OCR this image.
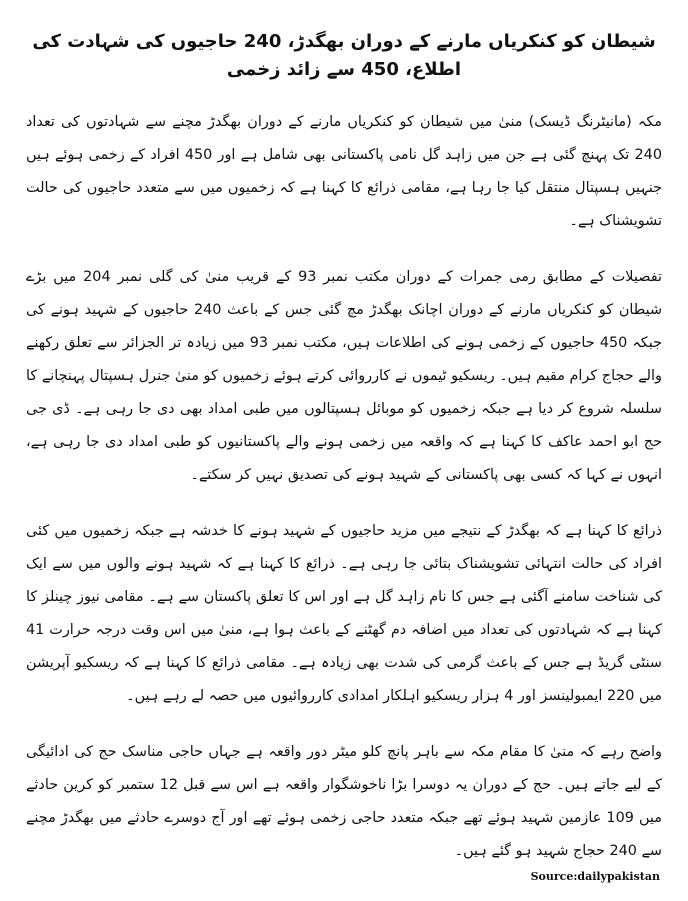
شیطان کو کنکریاں مارنے کے دوران بھگدڑ، 240 حاجیوں کی شہادت کی اطلاع، 450 سے زائد زخمی

مکہ (مانیٹرنگ ڈیسک) منیٰ میں شیطان کو کنکریاں مارنے کے دوران بھگدڑ مچنے سے شہادتوں کی تعداد 240 تک پہنچ گئی ہے جن میں زاہد گل نامی پاکستانی بھی شامل ہے اور 450 افراد کے زخمی ہوئے ہیں جنہیں ہسپتال منتقل کیا جا رہا ہے، مقامی ذرائع کا کہنا ہے کہ زخمیوں میں سے متعدد حاجیوں کی حالت تشویشناک ہے۔

تفصیلات کے مطابق رمی جمرات کے دوران مکتب نمبر 93 کے قریب منیٰ کی گلی نمبر 204 میں بڑے شیطان کو کنکریاں مارنے کے دوران اچانک بھگدڑ مچ گئی جس کے باعث 240 حاجیوں کے شہید ہونے کی جبکہ 450 حاجیوں کے زخمی ہونے کی اطلاعات ہیں، مکتب نمبر 93 میں زیادہ تر الجزائر سے تعلق رکھنے والے حجاج کرام مقیم ہیں۔ ریسکیو ٹیموں نے کارروائی کرتے ہوئے زخمیوں کو منیٰ جنرل ہسپتال پہنچانے کا سلسلہ شروع کر دیا ہے جبکہ زخمیوں کو موبائل ہسپتالوں میں طبی امداد بھی دی جا رہی ہے۔ ڈی جی حج ابو احمد عاکف کا کہنا ہے کہ واقعہ میں زخمی ہونے والے پاکستانیوں کو طبی امداد دی جا رہی ہے، انہوں نے کہا کہ کسی بھی پاکستانی کے شہید ہونے کی تصدیق نہیں کر سکتے۔

ذرائع کا کہنا ہے کہ بھگدڑ کے نتیجے میں مزید حاجیوں کے شہید ہونے کا خدشہ ہے جبکہ زخمیوں میں کئی افراد کی حالت انتہائی تشویشناک بتائی جا رہی ہے۔ ذرائع کا کہنا ہے کہ شہید ہونے والوں میں سے ایک کی شناخت سامنے آگئی ہے جس کا نام زاہد گل ہے اور اس کا تعلق پاکستان سے ہے۔ مقامی نیوز چینلز کا کہنا ہے کہ شہادتوں کی تعداد میں اضافہ دم گھٹنے کے باعث ہوا ہے، منیٰ میں اس وقت درجہ حرارت 41 سنٹی گریڈ ہے جس کے باعث گرمی کی شدت بھی زیادہ ہے۔ مقامی ذرائع کا کہنا ہے کہ ریسکیو آپریشن میں 220 ایمبولینسز اور 4 ہزار ریسکیو اہلکار امدادی کارروائیوں میں حصہ لے رہے ہیں۔

واضح رہے کہ منیٰ کا مقام مکہ سے باہر پانچ کلو میٹر دور واقعہ ہے جہاں حاجی مناسک حج کی ادائیگی کے لیے جاتے ہیں۔ حج کے دوران یہ دوسرا بڑا ناخوشگوار واقعہ ہے اس سے قبل 12 ستمبر کو کرین حادثے میں 109 عازمین شہید ہوئے تھے جبکہ متعدد حاجی زخمی ہوئے تھے اور آج دوسرے حادثے میں بھگدڑ مچنے سے 240 حجاج شہید ہو گئے ہیں۔

Source:dailypakistan
